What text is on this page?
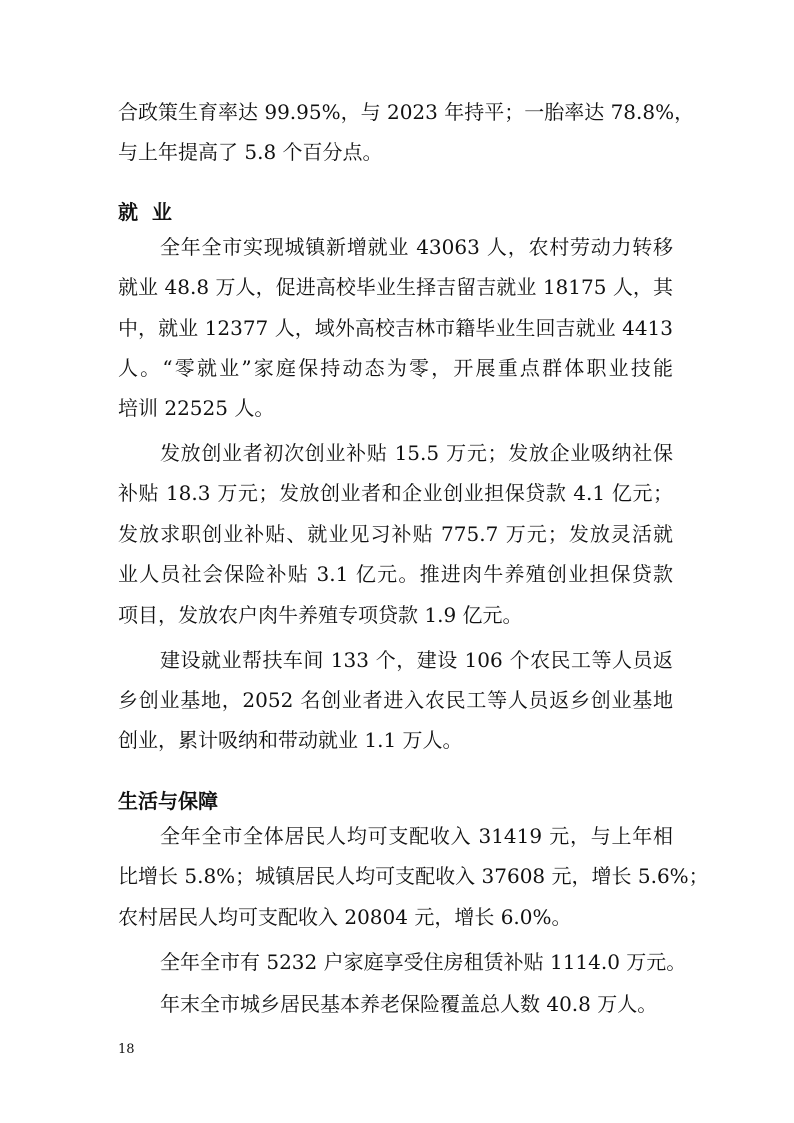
合政策生育率达 99.95%，与 2023 年持平；一胎率达 78.8%，
与上年提高了 5.8 个百分点。
就  业
全年全市实现城镇新增就业 43063 人，农村劳动力转移
就业 48.8 万人，促进高校毕业生择吉留吉就业 18175 人，其
中，就业 12377 人，域外高校吉林市籍毕业生回吉就业 4413
人。“零就业”家庭保持动态为零，开展重点群体职业技能
培训 22525 人。
发放创业者初次创业补贴 15.5 万元；发放企业吸纳社保
补贴 18.3 万元；发放创业者和企业创业担保贷款 4.1 亿元；
发放求职创业补贴、就业见习补贴 775.7 万元；发放灵活就
业人员社会保险补贴 3.1 亿元。推进肉牛养殖创业担保贷款
项目，发放农户肉牛养殖专项贷款 1.9 亿元。
建设就业帮扶车间 133 个，建设 106 个农民工等人员返
乡创业基地，2052 名创业者进入农民工等人员返乡创业基地
创业，累计吸纳和带动就业 1.1 万人。
生活与保障
全年全市全体居民人均可支配收入 31419 元，与上年相
比增长 5.8%；城镇居民人均可支配收入 37608 元，增长 5.6%；
农村居民人均可支配收入 20804 元，增长 6.0%。
全年全市有 5232 户家庭享受住房租赁补贴 1114.0 万元。
年末全市城乡居民基本养老保险覆盖总人数 40.8 万人。
18
